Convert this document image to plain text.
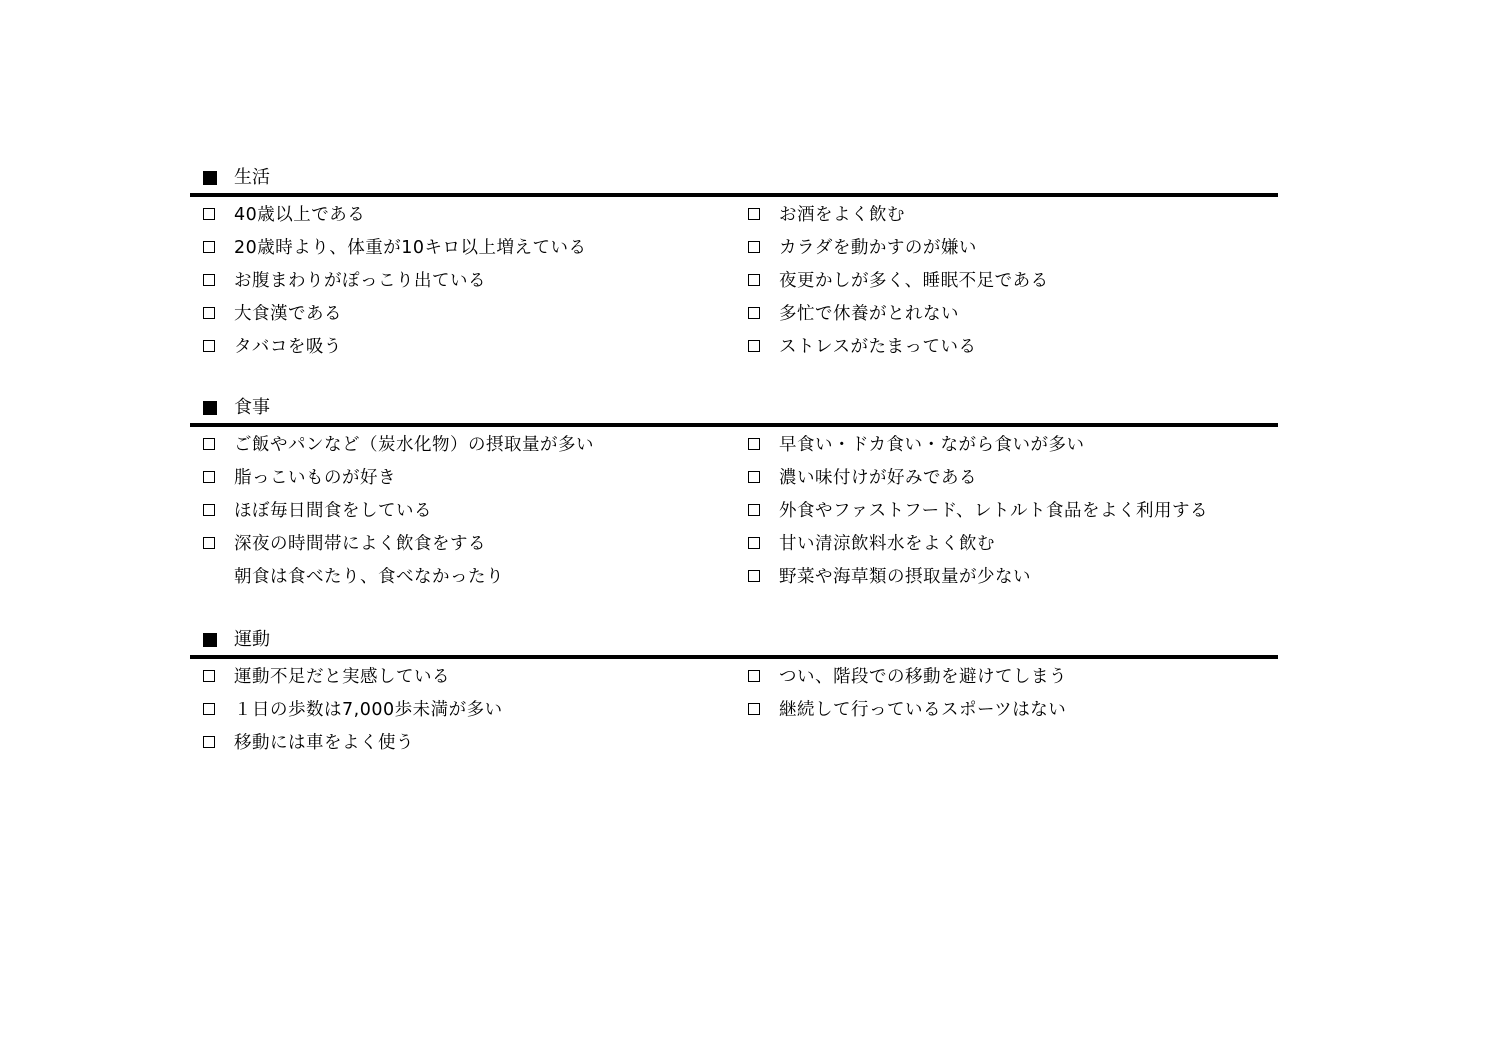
生活
40歳以上である	お酒をよく飲む
20歳時より、体重が10キロ以上増えている	カラダを動かすのが嫌い
お腹まわりがぽっこり出ている	夜更かしが多く、睡眠不足である
大食漢である	多忙で休養がとれない
タバコを吸う	ストレスがたまっている
食事
ご飯やパンなど（炭水化物）の摂取量が多い	早食い・ドカ食い・ながら食いが多い
脂っこいものが好き	濃い味付けが好みである
ほぼ毎日間食をしている	外食やファストフード、レトルト食品をよく利用する
深夜の時間帯によく飲食をする	甘い清涼飲料水をよく飲む
朝食は食べたり、食べなかったり	野菜や海草類の摂取量が少ない
運動
運動不足だと実感している	つい、階段での移動を避けてしまう
１日の歩数は7,000歩未満が多い	継続して行っているスポーツはない
移動には車をよく使う
